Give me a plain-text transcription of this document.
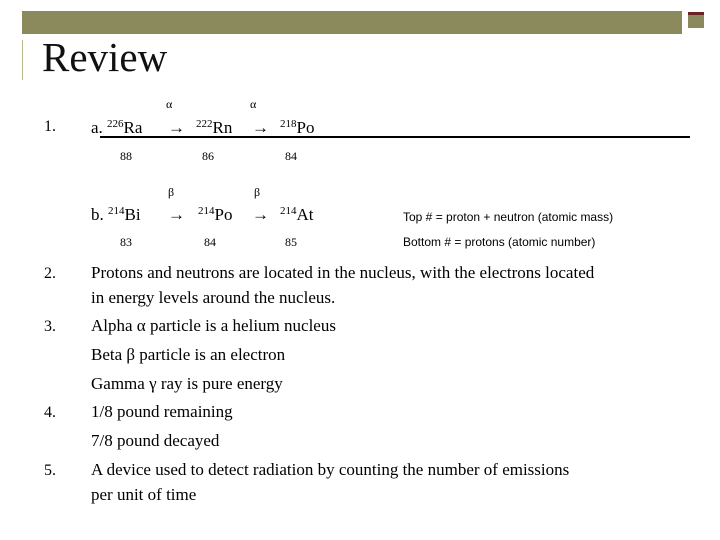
Review
1.
α	α
a. $^{226}$Ra → $^{222}$Rn → $^{218}$Po
88	86	84
β	β
b. $^{214}$Bi → $^{214}$Po → $^{214}$At
83	84	85
Top # = proton + neutron (atomic mass)
Bottom # = protons (atomic number)
2. Protons and neutrons are located in the nucleus, with the electrons located
in energy levels around the nucleus.
3. Alpha α particle is a helium nucleus
Beta β particle is an electron
Gamma γ ray is pure energy
4. 1/8 pound remaining
7/8 pound decayed
5. A device used to detect radiation by counting the number of emissions
per unit of time
